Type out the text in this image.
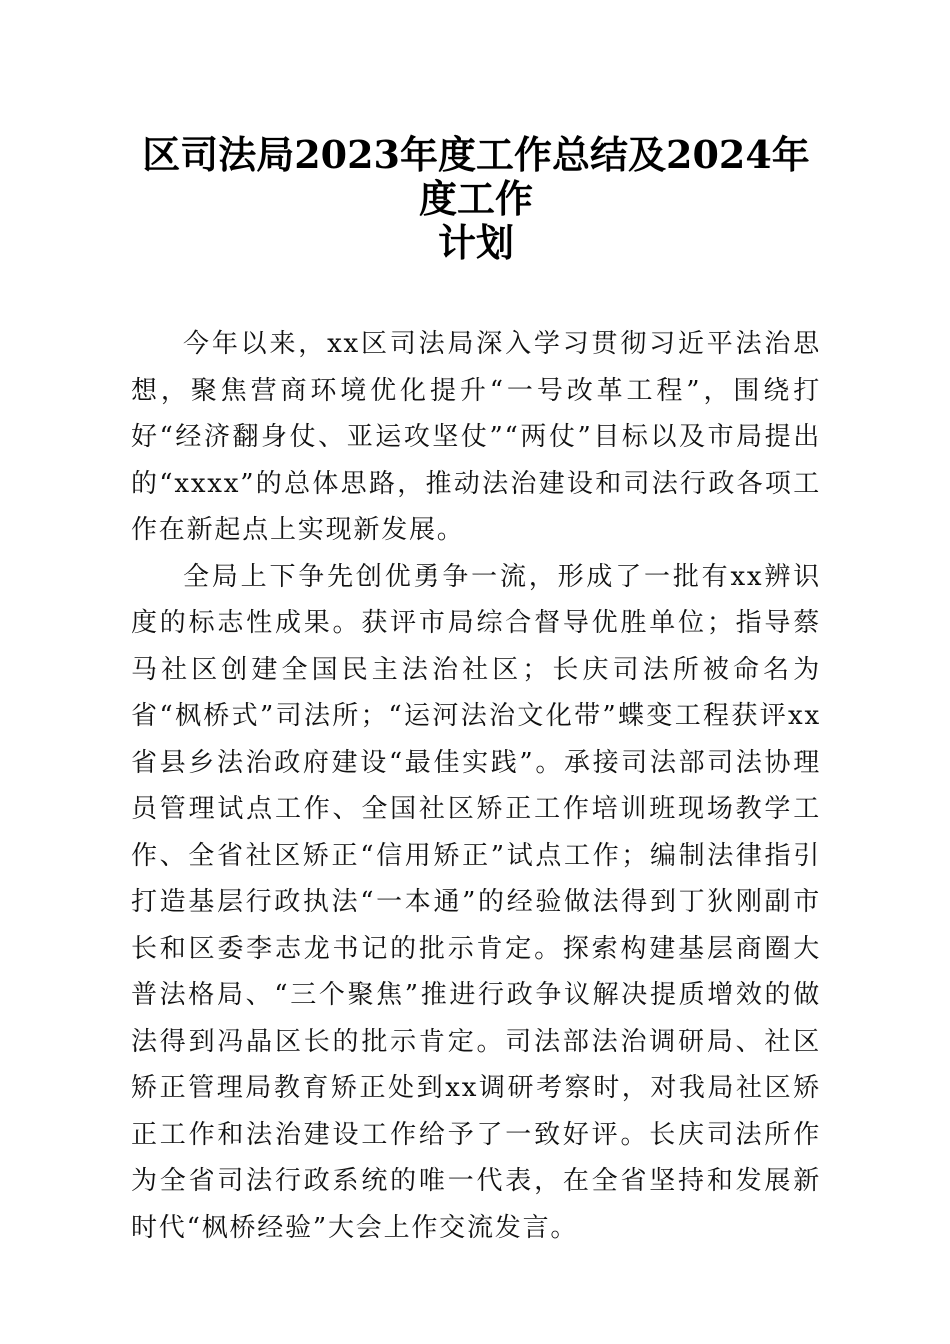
区司法局2023年度工作总结及2024年度工作
计划

今年以来，xx区司法局深入学习贯彻习近平法治思想，聚焦营商环境优化提升“一号改革工程”，围绕打好“经济翻身仗、亚运攻坚仗”“两仗”目标以及市局提出的“xxxx”的总体思路，推动法治建设和司法行政各项工作在新起点上实现新发展。

全局上下争先创优勇争一流，形成了一批有xx辨识度的标志性成果。获评市局综合督导优胜单位；指导蔡马社区创建全国民主法治社区；长庆司法所被命名为省“枫桥式”司法所；“运河法治文化带”蝶变工程获评xx省县乡法治政府建设“最佳实践”。承接司法部司法协理员管理试点工作、全国社区矫正工作培训班现场教学工作、全省社区矫正“信用矫正”试点工作；编制法律指引打造基层行政执法“一本通”的经验做法得到丁狄刚副市长和区委李志龙书记的批示肯定。探索构建基层商圈大普法格局、“三个聚焦”推进行政争议解决提质增效的做法得到冯晶区长的批示肯定。司法部法治调研局、社区矫正管理局教育矫正处到xx调研考察时，对我局社区矫正工作和法治建设工作给予了一致好评。长庆司法所作为全省司法行政系统的唯一代表，在全省坚持和发展新时代“枫桥经验”大会上作交流发言。
